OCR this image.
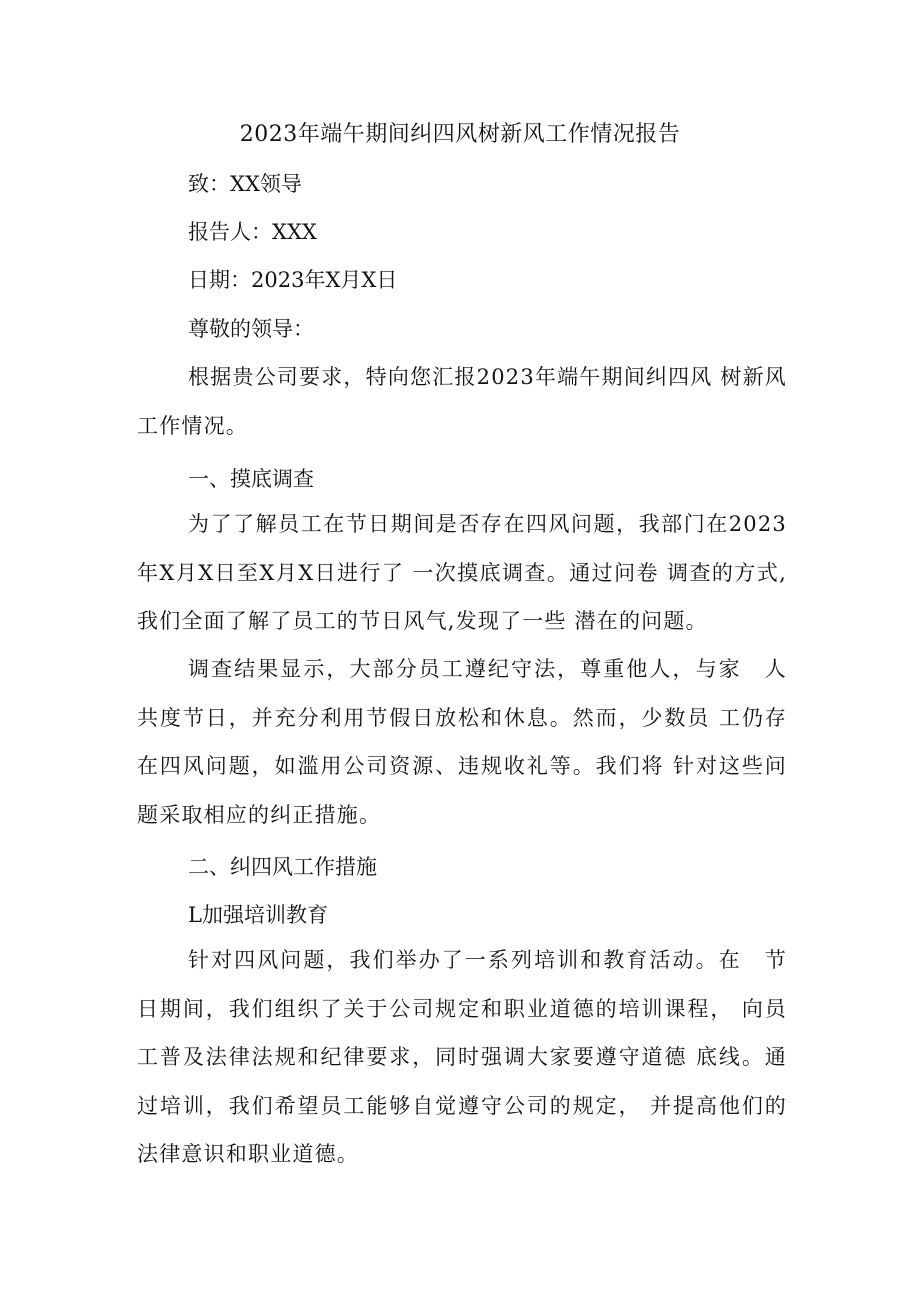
2023年端午期间纠四风树新风工作情况报告
致：XX领导
报告人：XXX
日期：2023年X月X日
尊敬的领导：

根据贵公司要求，特向您汇报2023年端午期间纠四风 树新风工作情况。

一、摸底调查

为了了解员工在节日期间是否存在四风问题，我部门在2023年X月X日至X月X日进行了 一次摸底调查。通过问卷 调查的方式,我们全面了解了员工的节日风气,发现了一些 潜在的问题。

调查结果显示，大部分员工遵纪守法，尊重他人，与家　人共度节日，并充分利用节假日放松和休息。然而，少数员 工仍存在四风问题，如滥用公司资源、违规收礼等。我们将 针对这些问题采取相应的纠正措施。

二、纠四风工作措施
L加强培训教育

针对四风问题，我们举办了一系列培训和教育活动。在　节日期间，我们组织了关于公司规定和职业道德的培训课程， 向员工普及法律法规和纪律要求，同时强调大家要遵守道德 底线。通过培训，我们希望员工能够自觉遵守公司的规定， 并提高他们的法律意识和职业道德。
